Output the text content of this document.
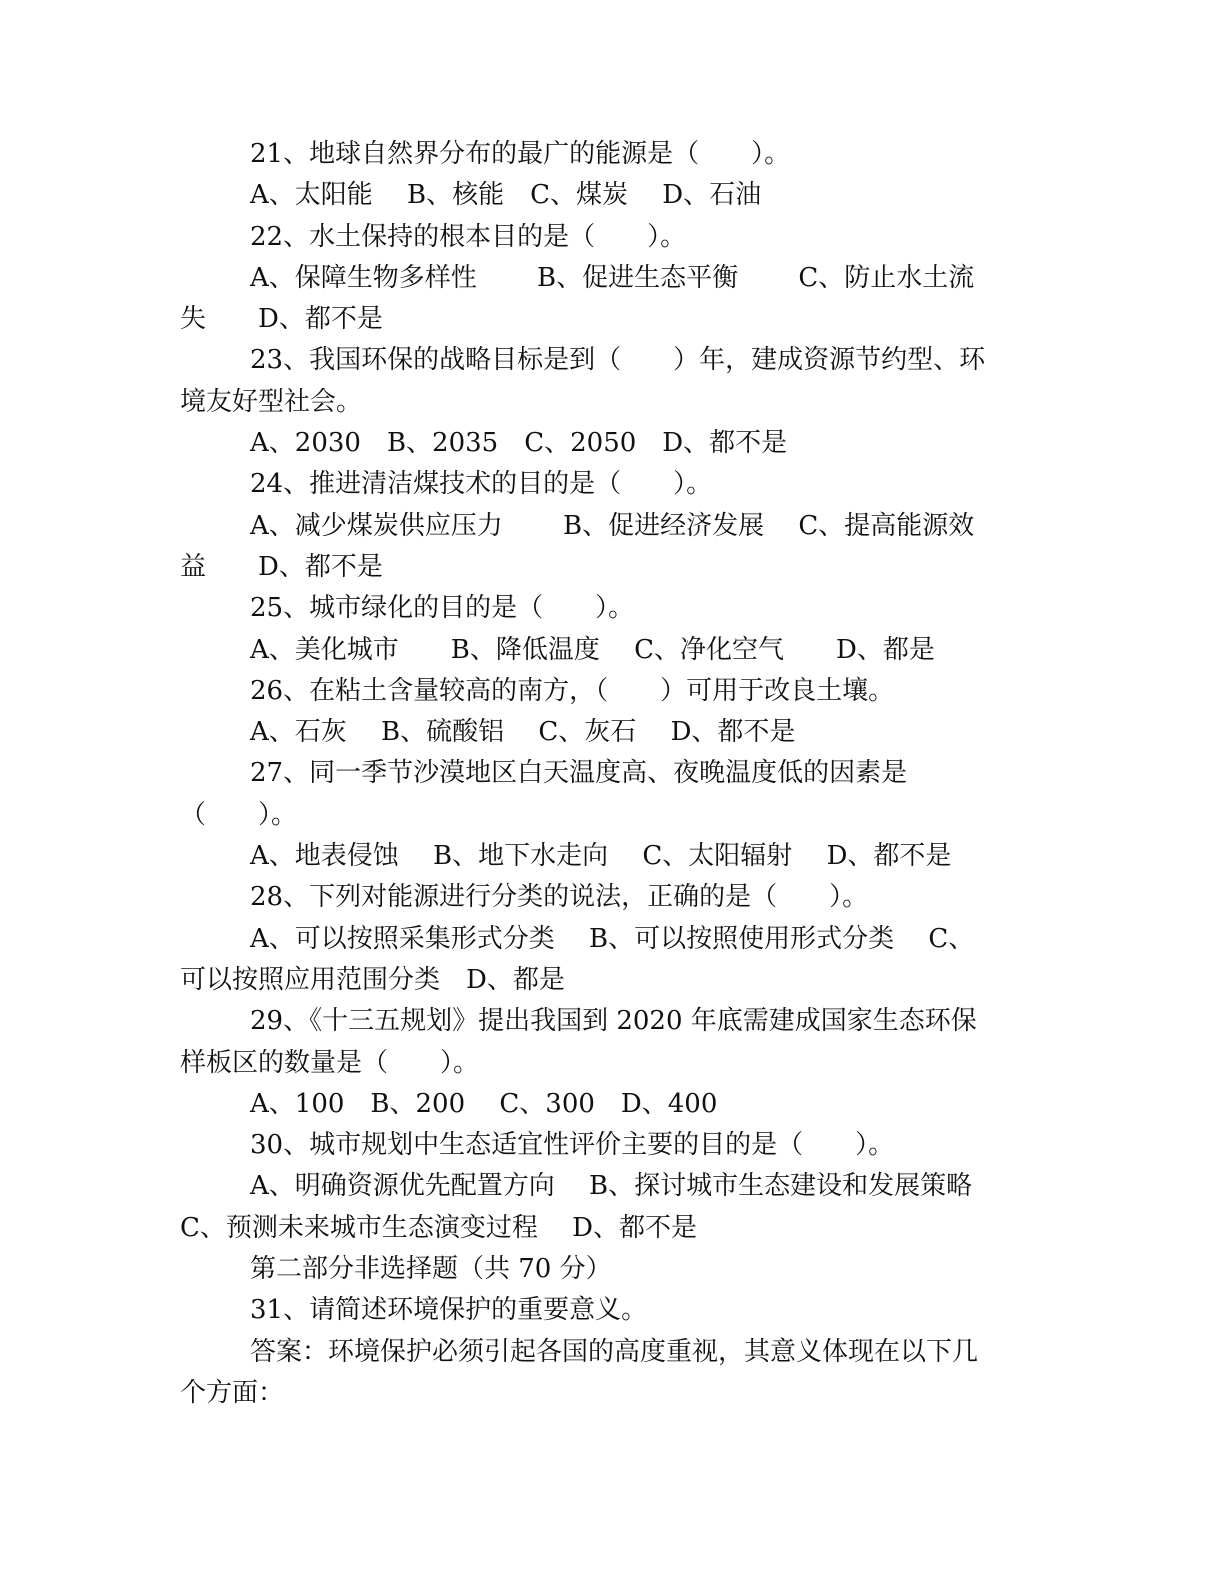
21、地球自然界分布的最广的能源是（　　）。
A、太阳能　 B、核能　C、煤炭　 D、石油
22、水土保持的根本目的是（　　）。
A、保障生物多样性　　 B、促进生态平衡　　 C、防止水土流
失　　D、都不是
23、我国环保的战略目标是到（　　）年，建成资源节约型、环
境友好型社会。
A、2030　B、2035　C、2050　D、都不是
24、推进清洁煤技术的目的是（　　）。
A、减少煤炭供应压力　　 B、促进经济发展　 C、提高能源效
益　　D、都不是
25、城市绿化的目的是（　　）。
A、美化城市　　B、降低温度　 C、净化空气　　D、都是
26、在粘土含量较高的南方，（　　）可用于改良土壤。
A、石灰　 B、硫酸铝　 C、灰石　 D、都不是
27、同一季节沙漠地区白天温度高、夜晚温度低的因素是
（　　）。
A、地表侵蚀　 B、地下水走向　 C、太阳辐射　 D、都不是
28、下列对能源进行分类的说法，正确的是（　　）。
A、可以按照采集形式分类　 B、可以按照使用形式分类　 C、
可以按照应用范围分类　D、都是
29、《十三五规划》提出我国到 2020 年底需建成国家生态环保
样板区的数量是（　　）。
A、100　B、200　 C、300　D、400
30、城市规划中生态适宜性评价主要的目的是（　　）。
A、明确资源优先配置方向　 B、探讨城市生态建设和发展策略
C、预测未来城市生态演变过程　 D、都不是
第二部分非选择题（共 70 分）
31、请简述环境保护的重要意义。
答案：环境保护必须引起各国的高度重视，其意义体现在以下几
个方面：
